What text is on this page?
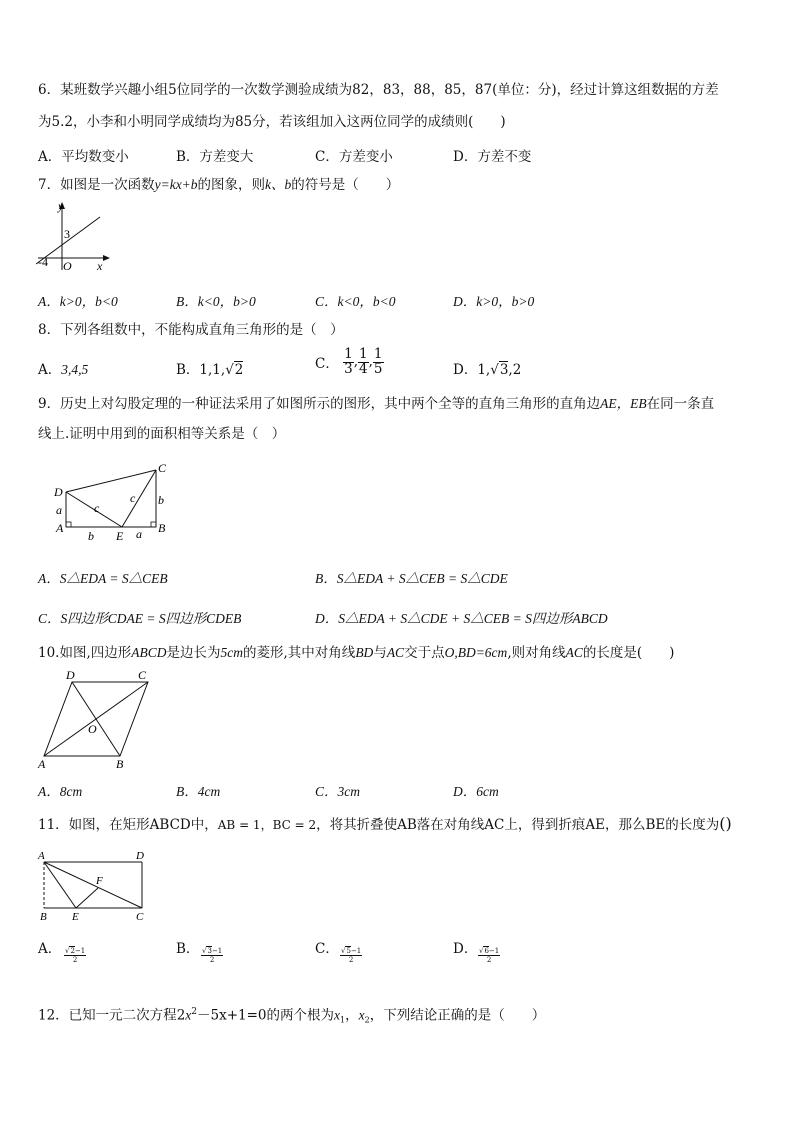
6．某班数学兴趣小组5位同学的一次数学测验成绩为82，83，88，85，87(单位：分)，经过计算这组数据的方差
为5.2，小李和小明同学成绩均为85分，若该组加入这两位同学的成绩则(　　)
A．平均数变小	B．方差变大	C．方差变小	D．方差不变
7．如图是一次函数y=kx+b的图象，则k、b的符号是（　　）
y
x
O
3
-4
A．k>0，b<0	B．k<0，b>0	C．k<0，b<0	D．k>0，b>0
8．下列各组数中，不能构成直角三角形的是（　）
A．3,4,5	B．1,1,√2	C． $\frac{1}{3}$ , $\frac{1}{4}$ , $\frac{1}{5}$	D．1,√3,2
9．历史上对勾股定理的一种证法采用了如图所示的图形，其中两个全等的直角三角形的直角边AE，EB在同一条直
线上.证明中用到的面积相等关系是（　）
D
C
A	B
E
a
b	a
b
c
c
A．S△EDA = S△CEB	B．S△EDA + S△CEB = S△CDE
C．S四边形CDAE = S四边形CDEB	D．S△EDA + S△CDE + S△CEB = S四边形ABCD
10.如图,四边形ABCD是边长为5cm的菱形,其中对角线BD与AC交于点O,BD=6cm,则对角线AC的长度是(　　)
D	C
A	B
O
A．8cm	B．4cm	C．3cm	D．6cm
11．如图，在矩形ABCD中，AB = 1，BC = 2，将其折叠使AB落在对角线AC上，得到折痕AE，那么BE的长度为()
A	D
F
B E	C
A． √2−1
2
B． √3−1
2
C． √5−1
2
D． √6−1
2
12．已知一元二次方程$2x^2-5x+1=0$的两个根为$x_1$，$x_2$，下列结论正确的是（　　）
